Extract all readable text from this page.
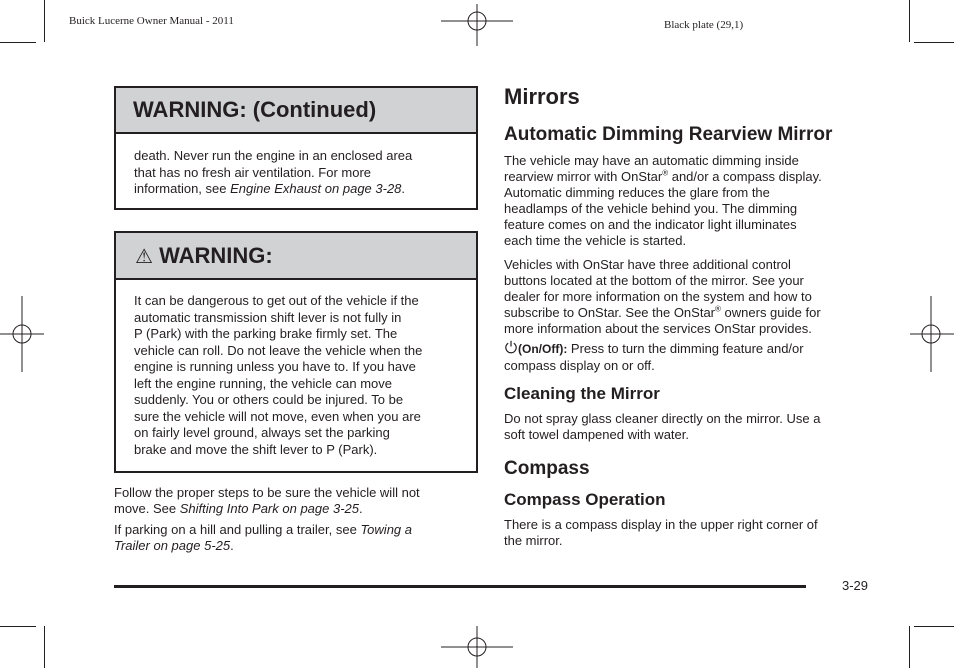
Buick Lucerne Owner Manual - 2011	Black plate (29,1)
WARNING: (Continued)
death. Never run the engine in an enclosed area
that has no fresh air ventilation. For more
information, see Engine Exhaust on page 3-28.
⚠ WARNING:
It can be dangerous to get out of the vehicle if the
automatic transmission shift lever is not fully in
P (Park) with the parking brake firmly set. The
vehicle can roll. Do not leave the vehicle when the
engine is running unless you have to. If you have
left the engine running, the vehicle can move
suddenly. You or others could be injured. To be
sure the vehicle will not move, even when you are
on fairly level ground, always set the parking
brake and move the shift lever to P (Park).
Follow the proper steps to be sure the vehicle will not
move. See Shifting Into Park on page 3-25.
If parking on a hill and pulling a trailer, see Towing a
Trailer on page 5-25.
Mirrors
Automatic Dimming Rearview Mirror
The vehicle may have an automatic dimming inside
rearview mirror with OnStar® and/or a compass display.
Automatic dimming reduces the glare from the
headlamps of the vehicle behind you. The dimming
feature comes on and the indicator light illuminates
each time the vehicle is started.
Vehicles with OnStar have three additional control
buttons located at the bottom of the mirror. See your
dealer for more information on the system and how to
subscribe to OnStar. See the OnStar® owners guide for
more information about the services OnStar provides.
(On/Off): Press to turn the dimming feature and/or
compass display on or off.
Cleaning the Mirror
Do not spray glass cleaner directly on the mirror. Use a
soft towel dampened with water.
Compass
Compass Operation
There is a compass display in the upper right corner of
the mirror.
3-29
